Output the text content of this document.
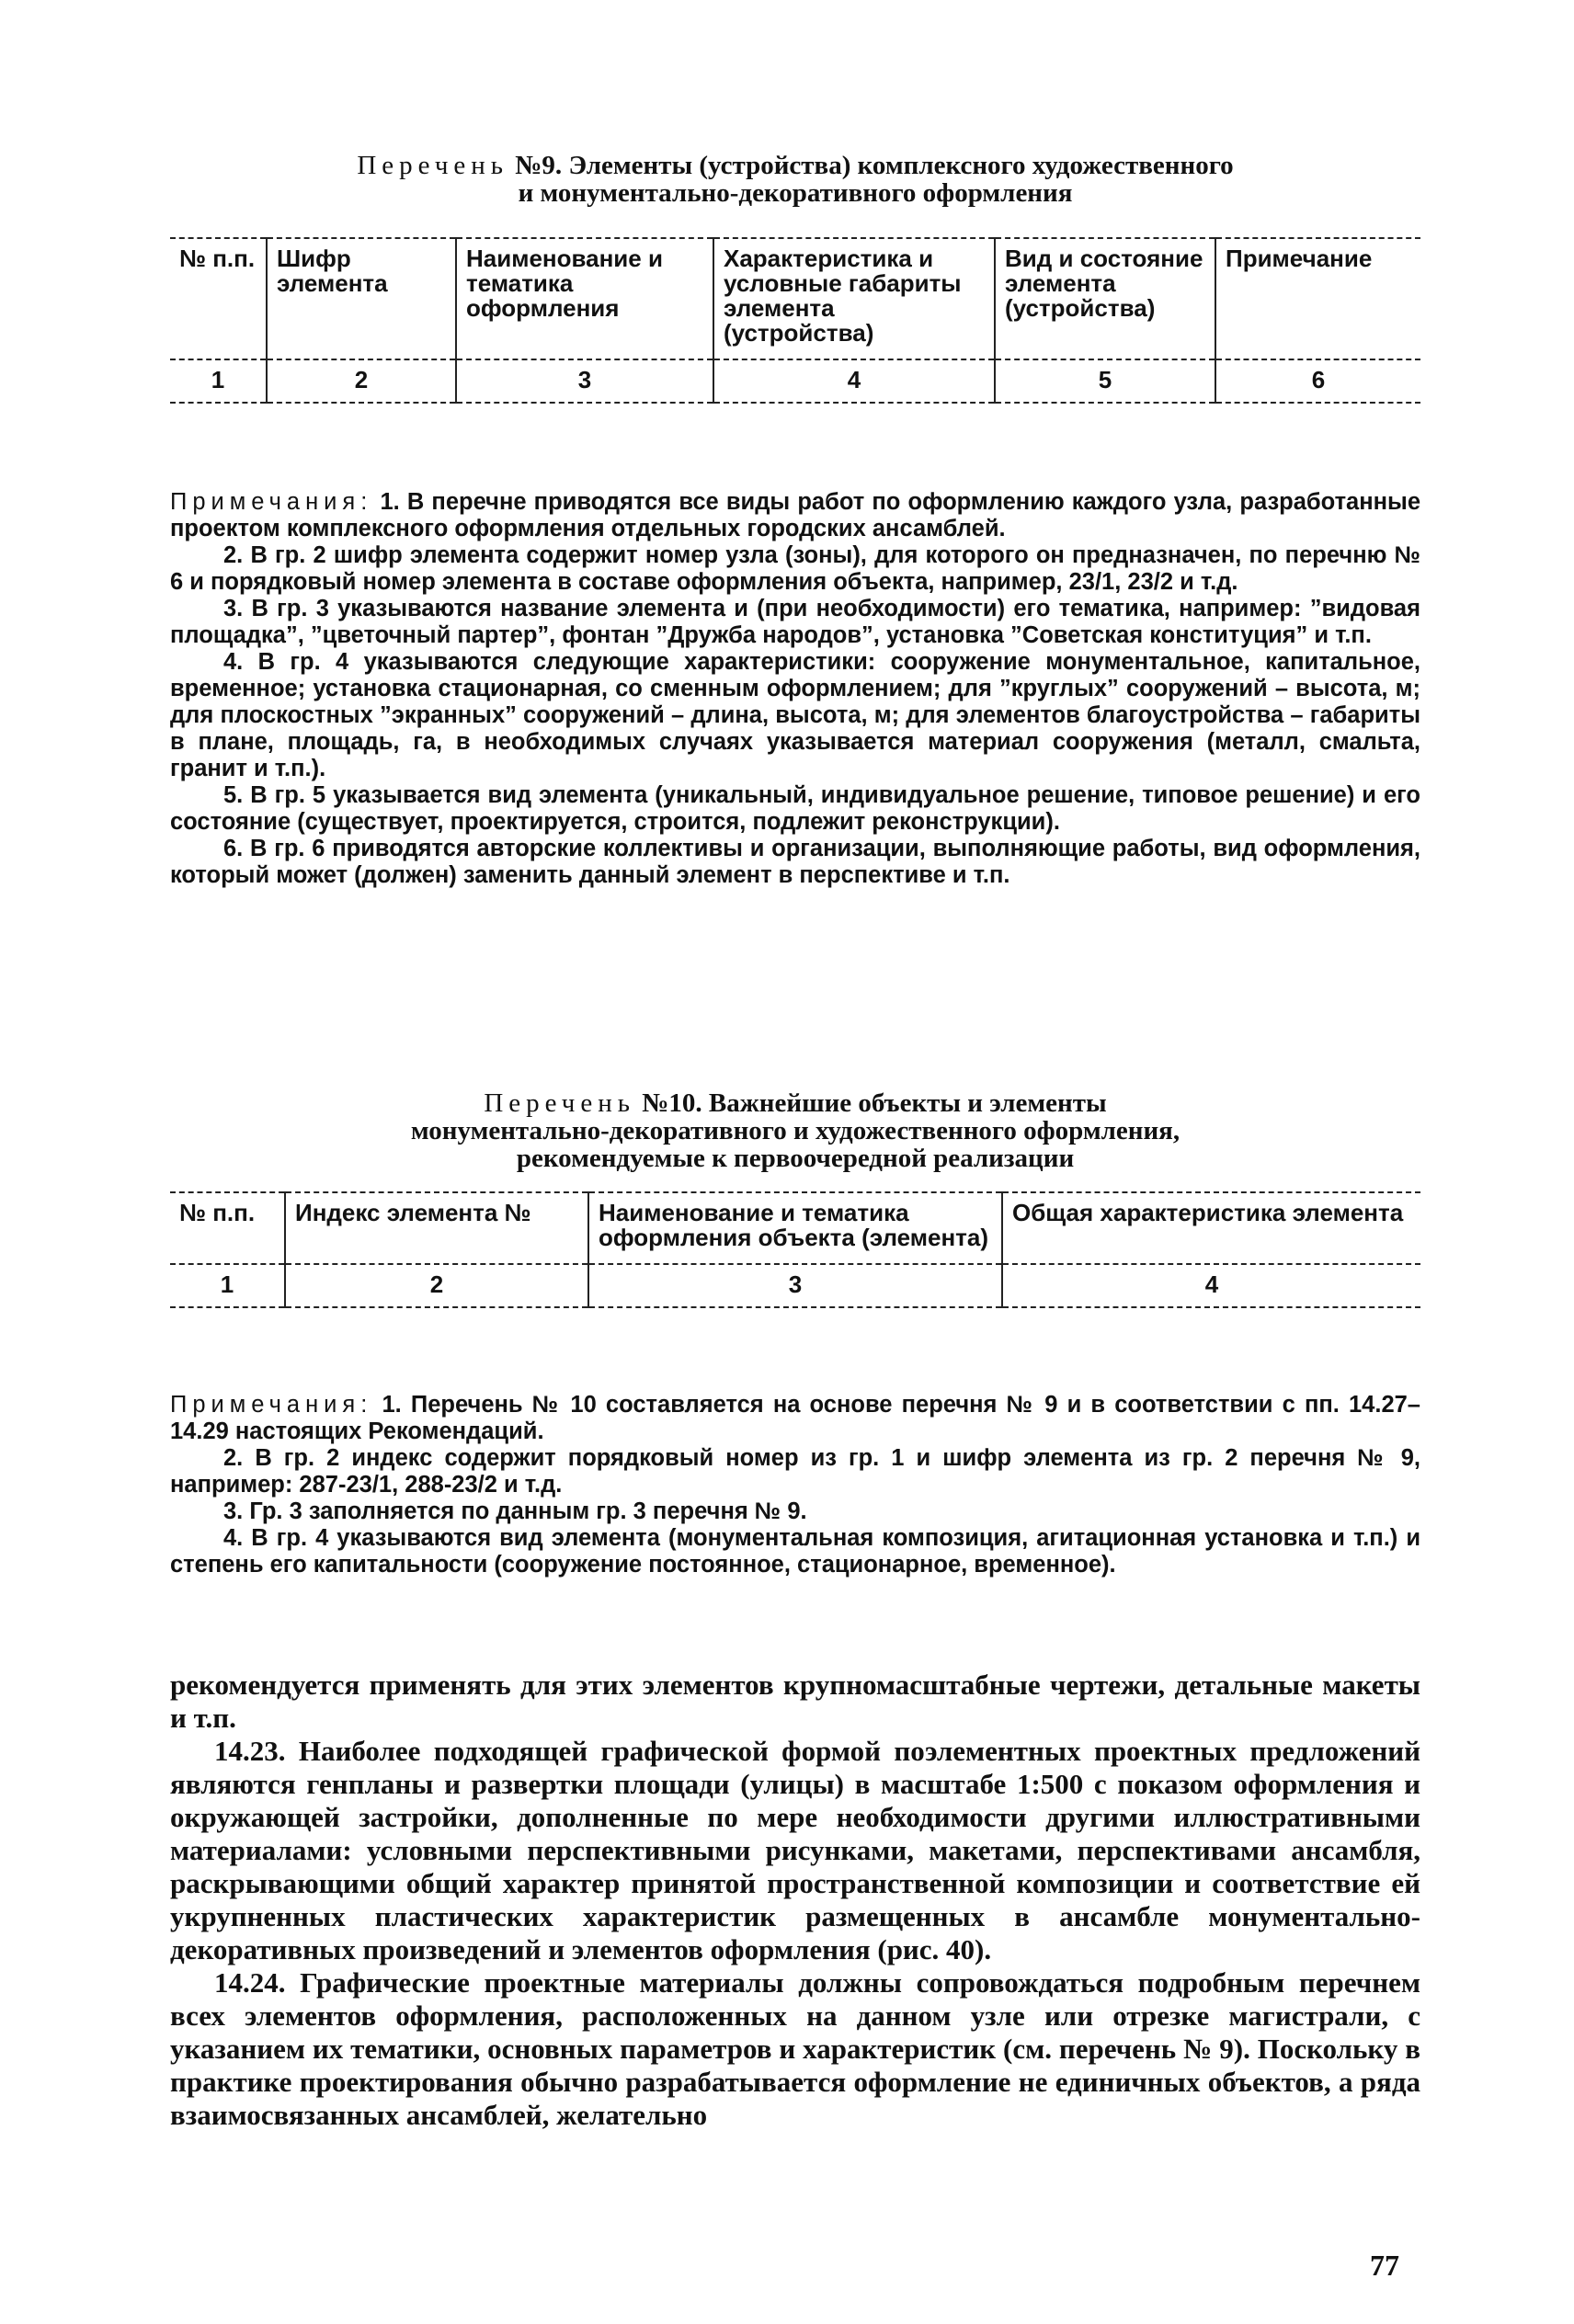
Перечень №9. Элементы (устройства) комплексного художественного
и монументально-декоративного оформления
№ п.п.	Шифр элемента	Наименование и тематика оформления	Характеристика и условные габариты элемента (устройства)	Вид и состояние элемента (устройства)	Примечание
1	2	3	4	5	6

Примечания: 1. В перечне приводятся все виды работ по оформлению каждого узла, разработанные проектом комплексного оформления отдельных городских ансамблей.

2. В гр. 2 шифр элемента содержит номер узла (зоны), для которого он предназначен, по перечню № 6 и порядковый номер элемента в составе оформления объекта, например, 23/1, 23/2 и т.д.

3. В гр. 3 указываются название элемента и (при необходимости) его тематика, например: ”видовая площадка”, ”цветочный партер”, фонтан ”Дружба народов”, установка ”Советская конституция” и т.п.

4. В гр. 4 указываются следующие характеристики: сооружение монументальное, капитальное, временное; установка стационарная, со сменным оформлением; для ”круглых” сооружений – высота, м; для плоскостных ”экранных” сооружений – длина, высота, м; для элементов благоустройства – габариты в плане, площадь, га, в необходимых случаях указывается материал сооружения (металл, смальта, гранит и т.п.).

5. В гр. 5 указывается вид элемента (уникальный, индивидуальное решение, типовое решение) и его состояние (существует, проектируется, строится, подлежит реконструкции).

6. В гр. 6 приводятся авторские коллективы и организации, выполняющие работы, вид оформления, который может (должен) заменить данный элемент в перспективе и т.п.

Перечень №10. Важнейшие объекты и элементы
монументально-декоративного и художественного оформления,
рекомендуемые к первоочередной реализации
№ п.п.	Индекс элемента №	Наименование и тематика оформления объекта (элемента)	Общая характеристика элемента
1	2	3	4

Примечания: 1. Перечень № 10 составляется на основе перечня № 9 и в соответствии с пп. 14.27–14.29 настоящих Рекомендаций.

2. В гр. 2 индекс содержит порядковый номер из гр. 1 и шифр элемента из гр. 2 перечня № 9, например: 287-23/1, 288-23/2 и т.д.

3. Гр. 3 заполняется по данным гр. 3 перечня № 9.

4. В гр. 4 указываются вид элемента (монументальная композиция, агитационная установка и т.п.) и степень его капитальности (сооружение постоянное, стационарное, временное).

рекомендуется применять для этих элементов крупномасштабные чертежи, детальные макеты и т.п.

14.23. Наиболее подходящей графической формой поэлементных проектных предложений являются генпланы и развертки площади (улицы) в масштабе 1:500 с показом оформления и окружающей застройки, дополненные по мере необходимости другими иллюстративными материалами: условными перспективными рисунками, макетами, перспективами ансамбля, раскрывающими общий характер принятой пространственной композиции и соответствие ей укрупненных пластических характеристик размещенных в ансамбле монументально-декоративных произведений и элементов оформления (рис. 40).

14.24. Графические проектные материалы должны сопровождаться подробным перечнем всех элементов оформления, расположенных на данном узле или отрезке магистрали, с указанием их тематики, основных параметров и характеристик (см. перечень № 9). Поскольку в практике проектирования обычно разрабатывается оформление не единичных объектов, а ряда взаимосвязанных ансамблей, желательно

77
